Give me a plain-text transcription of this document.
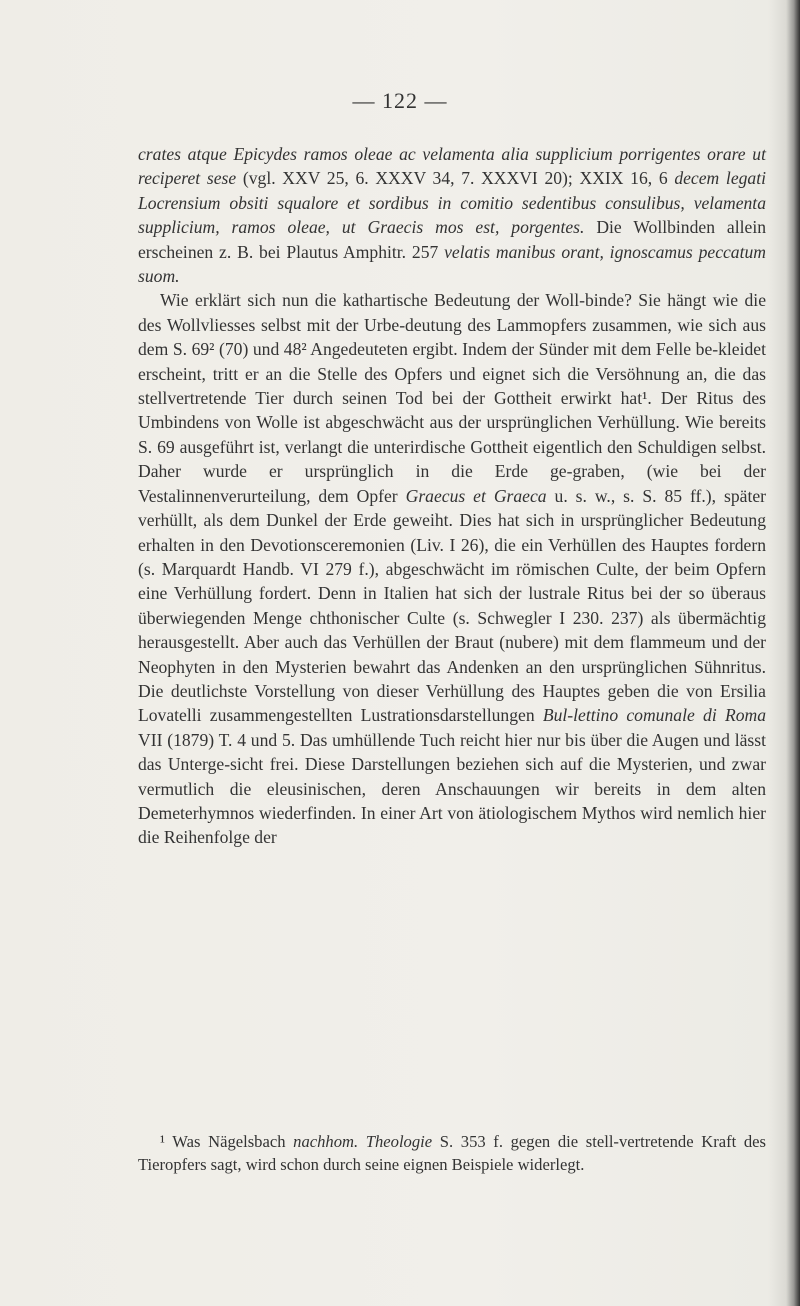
— 122 —

crates atque Epicydes ramos oleae ac velamenta alia supplicium porrigentes orare ut reciperet sese (vgl. XXV 25, 6. XXXV 34, 7. XXXVI 20); XXIX 16, 6 decem legati Locrensium obsiti squalore et sordibus in comitio sedentibus consulibus, velamenta supplicium, ramos oleae, ut Graecis mos est, porgentes. Die Wollbinden allein erscheinen z. B. bei Plautus Amphitr. 257 velatis manibus orant, ignoscamus peccatum suom.

Wie erklärt sich nun die kathartische Bedeutung der Woll-binde? Sie hängt wie die des Wollvliesses selbst mit der Urbe-deutung des Lammopfers zusammen, wie sich aus dem S. 69² (70) und 48² Angedeuteten ergibt. Indem der Sünder mit dem Felle be-kleidet erscheint, tritt er an die Stelle des Opfers und eignet sich die Versöhnung an, die das stellvertretende Tier durch seinen Tod bei der Gottheit erwirkt hat¹. Der Ritus des Umbindens von Wolle ist abgeschwächt aus der ursprünglichen Verhüllung. Wie bereits S. 69 ausgeführt ist, verlangt die unterirdische Gottheit eigentlich den Schuldigen selbst. Daher wurde er ursprünglich in die Erde ge-graben, (wie bei der Vestalinnenverurteilung, dem Opfer Graecus et Graeca u. s. w., s. S. 85 ff.), später verhüllt, als dem Dunkel der Erde geweiht. Dies hat sich in ursprünglicher Bedeutung erhalten in den Devotionsceremonien (Liv. I 26), die ein Verhüllen des Hauptes fordern (s. Marquardt Handb. VI 279 f.), abgeschwächt im römischen Culte, der beim Opfern eine Verhüllung fordert. Denn in Italien hat sich der lustrale Ritus bei der so überaus überwiegenden Menge chthonischer Culte (s. Schwegler I 230. 237) als übermächtig herausgestellt. Aber auch das Verhüllen der Braut (nubere) mit dem flammeum und der Neophyten in den Mysterien bewahrt das Andenken an den ursprünglichen Sühnritus. Die deutlichste Vorstellung von dieser Verhüllung des Hauptes geben die von Ersilia Lovatelli zusammengestellten Lustrationsdarstellungen Bul-lettino comunale di Roma VII (1879) T. 4 und 5. Das umhüllende Tuch reicht hier nur bis über die Augen und lässt das Unterge-sicht frei. Diese Darstellungen beziehen sich auf die Mysterien, und zwar vermutlich die eleusinischen, deren Anschauungen wir bereits in dem alten Demeterhymnos wiederfinden. In einer Art von ätiologischem Mythos wird nemlich hier die Reihenfolge der

¹ Was Nägelsbach nachhom. Theologie S. 353 f. gegen die stell-vertretende Kraft des Tieropfers sagt, wird schon durch seine eignen Beispiele widerlegt.
